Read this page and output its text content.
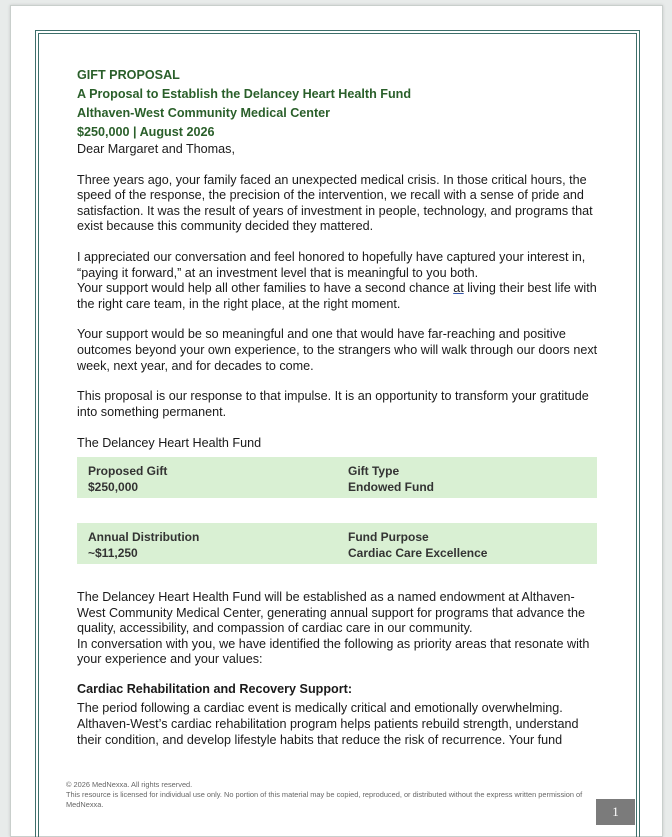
GIFT PROPOSAL

A Proposal to Establish the Delancey Heart Health Fund

Althaven-West Community Medical Center

$250,000 | August 2026

Dear Margaret and Thomas,

Three years ago, your family faced an unexpected medical crisis. In those critical hours, the speed of the response, the precision of the intervention, we recall with a sense of pride and satisfaction. It was the result of years of investment in people, technology, and programs that exist because this community decided they mattered.

I appreciated our conversation and feel honored to hopefully have captured your interest in, “paying it forward,” at an investment level that is meaningful to you both.

Your support would help all other families to have a second chance at living their best life with the right care team, in the right place, at the right moment.

Your support would be so meaningful and one that would have far-reaching and positive outcomes beyond your own experience, to the strangers who will walk through our doors next week, next year, and for decades to come.

This proposal is our response to that impulse. It is an opportunity to transform your gratitude into something permanent.

The Delancey Heart Health Fund

Proposed Gift
$250,000
Gift Type
Endowed Fund
Annual Distribution
~$11,250
Fund Purpose
Cardiac Care Excellence

The Delancey Heart Health Fund will be established as a named endowment at Althaven-West Community Medical Center, generating annual support for programs that advance the quality, accessibility, and compassion of cardiac care in our community.

In conversation with you, we have identified the following as priority areas that resonate with your experience and your values:

Cardiac Rehabilitation and Recovery Support:

The period following a cardiac event is medically critical and emotionally overwhelming. Althaven-West’s cardiac rehabilitation program helps patients rebuild strength, understand their condition, and develop lifestyle habits that reduce the risk of recurrence. Your fund

© 2026 MedNexxa. All rights reserved.
This resource is licensed for individual use only. No portion of this material may be copied, reproduced, or distributed without the express written permission of MedNexxa.	1
